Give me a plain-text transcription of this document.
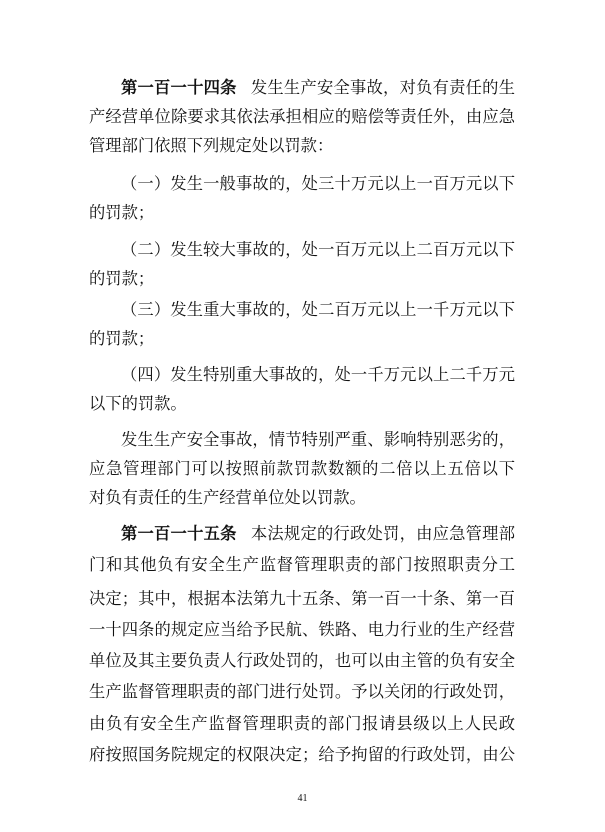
第一百一十四条 发生生产安全事故，对负有责任的生
产经营单位除要求其依法承担相应的赔偿等责任外，由应急
管理部门依照下列规定处以罚款：
（一）发生一般事故的，处三十万元以上一百万元以下
的罚款；
（二）发生较大事故的，处一百万元以上二百万元以下
的罚款；
（三）发生重大事故的，处二百万元以上一千万元以下
的罚款；
（四）发生特别重大事故的，处一千万元以上二千万元
以下的罚款。
发生生产安全事故，情节特别严重、影响特别恶劣的，
应急管理部门可以按照前款罚款数额的二倍以上五倍以下
对负有责任的生产经营单位处以罚款。
第一百一十五条 本法规定的行政处罚，由应急管理部
门和其他负有安全生产监督管理职责的部门按照职责分工
决定；其中，根据本法第九十五条、第一百一十条、第一百
一十四条的规定应当给予民航、铁路、电力行业的生产经营
单位及其主要负责人行政处罚的，也可以由主管的负有安全
生产监督管理职责的部门进行处罚。予以关闭的行政处罚，
由负有安全生产监督管理职责的部门报请县级以上人民政
府按照国务院规定的权限决定；给予拘留的行政处罚，由公
41
